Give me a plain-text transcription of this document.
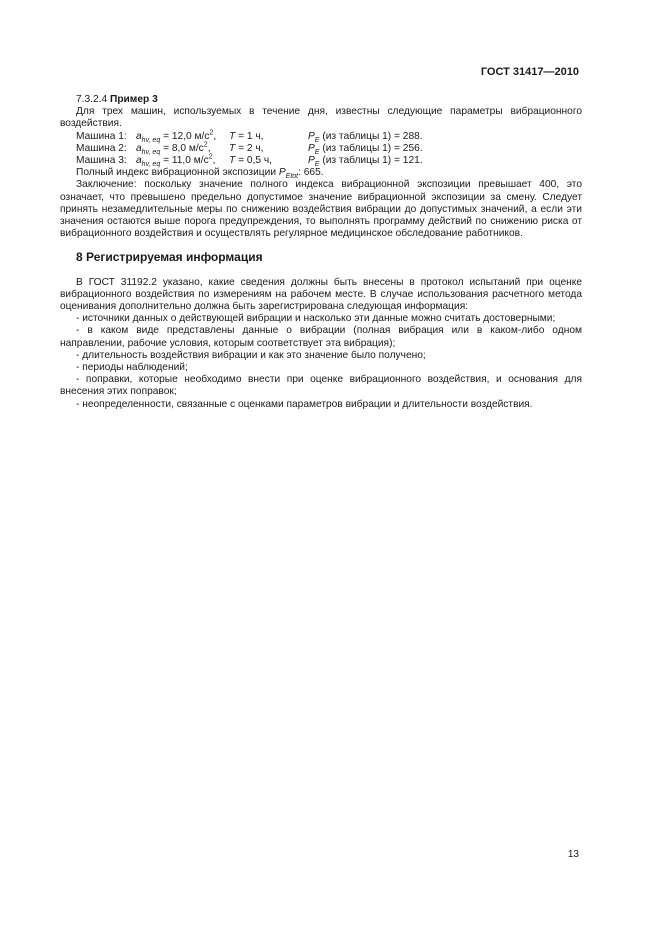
ГОСТ 31417—2010

7.3.2.4 Пример 3

Для трех машин, используемых в течение дня, известны следующие параметры вибрационного воздействия.

Машина 1: $a_{hv, eq} = 12,0$ $м/с^2$,	T = 1 ч,	$P_E$ (из таблицы 1) = 288.
Машина 2: $a_{hv, eq} = 8,0$ $м/с^2$,	T = 2 ч,	$P_E$ (из таблицы 1) = 256.
Машина 3: $a_{hv, eq} = 11,0$ $м/с^2$,	T = 0,5 ч,	$P_E$ (из таблицы 1) = 121.

Полный индекс вибрационной экспозиции $P_{Etot}$: 665.

Заключение: поскольку значение полного индекса вибрационной экспозиции превышает 400, это означает, что превышено предельно допустимое значение вибрационной экспозиции за смену. Следует принять незамедлительные меры по снижению воздействия вибрации до допустимых значений, а если эти значения остаются выше порога предупреждения, то выполнять программу действий по снижению риска от вибрационного воздействия и осуществлять регулярное медицинское обследование работников.

8 Регистрируемая информация

В ГОСТ 31192.2 указано, какие сведения должны быть внесены в протокол испытаний при оценке вибрационного воздействия по измерениям на рабочем месте. В случае использования расчетного метода оценивания дополнительно должна быть зарегистрирована следующая информация:

- источники данных о действующей вибрации и насколько эти данные можно считать достоверными;

- в каком виде представлены данные о вибрации (полная вибрация или в каком-либо одном направлении, рабочие условия, которым соответствует эта вибрация);

- длительность воздействия вибрации и как это значение было получено;

- периоды наблюдений;

- поправки, которые необходимо внести при оценке вибрационного воздействия, и основания для внесения этих поправок;

- неопределенности, связанные с оценками параметров вибрации и длительности воздействия.

13
